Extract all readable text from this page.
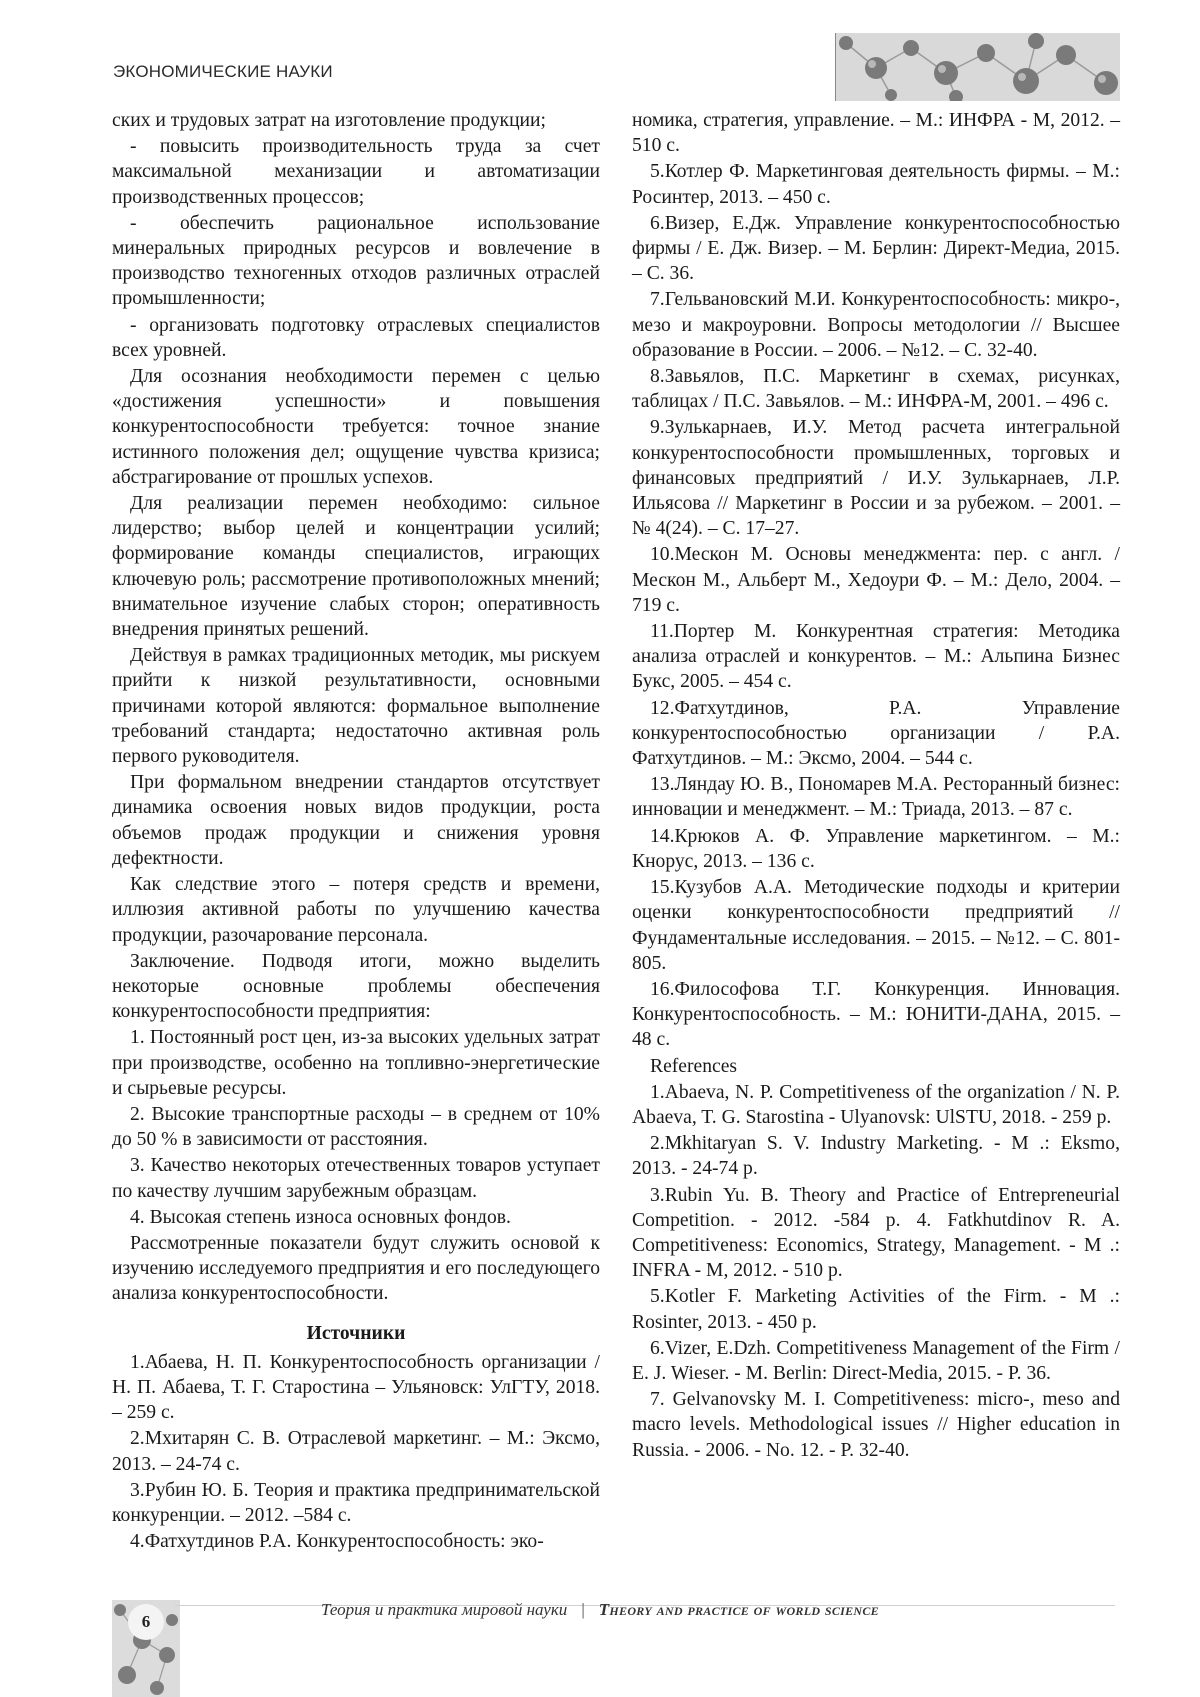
ЭКОНОМИЧЕСКИЕ НАУКИ

ских и трудовых затрат на изготовление продукции;

- повысить производительность труда за счет максимальной механизации и автоматизации производственных процессов;

- обеспечить рациональное использование минеральных природных ресурсов и вовлечение в производство техногенных отходов различных отраслей промышленности;

- организовать подготовку отраслевых специалистов всех уровней.

Для осознания необходимости перемен с целью «достижения успешности» и повышения конкурентоспособности требуется: точное знание истинного положения дел; ощущение чувства кризиса; абстрагирование от прошлых успехов.

Для реализации перемен необходимо: сильное лидерство; выбор целей и концентрации усилий; формирование команды специалистов, играющих ключевую роль; рассмотрение противоположных мнений; внимательное изучение слабых сторон; оперативность внедрения принятых решений.

Действуя в рамках традиционных методик, мы рискуем прийти к низкой результативности, основными причинами которой являются: формальное выполнение требований стандарта; недостаточно активная роль первого руководителя.

При формальном внедрении стандартов отсутствует динамика освоения новых видов продукции, роста объемов продаж продукции и снижения уровня дефектности.

Как следствие этого – потеря средств и времени, иллюзия активной работы по улучшению качества продукции, разочарование персонала.

Заключение. Подводя итоги, можно выделить некоторые основные проблемы обеспечения конкурентоспособности предприятия:

1. Постоянный рост цен, из-за высоких удельных затрат при производстве, особенно на топливно-энергетические и сырьевые ресурсы.

2. Высокие транспортные расходы – в среднем от 10% до 50 % в зависимости от расстояния.

3. Качество некоторых отечественных товаров уступает по качеству лучшим зарубежным образцам.

4. Высокая степень износа основных фондов.

Рассмотренные показатели будут служить основой к изучению исследуемого предприятия и его последующего анализа конкурентоспособности.

Источники

1.Абаева, Н. П. Конкурентоспособность организации / Н. П. Абаева, Т. Г. Старостина – Ульяновск: УлГТУ, 2018. – 259 с.

2.Мхитарян С. В. Отраслевой маркетинг. – М.: Эксмо, 2013. – 24-74 с.

3.Рубин Ю. Б. Теория и практика предпринимательской конкуренции. – 2012. –584 с.

4.Фатхутдинов Р.А. Конкурентоспособность: эко-

номика, стратегия, управление. – М.: ИНФРА - М, 2012. – 510 с.

5.Котлер Ф. Маркетинговая деятельность фирмы. – М.: Росинтер, 2013. – 450 с.

6.Визер, Е.Дж. Управление конкурентоспособностью фирмы / Е. Дж. Визер. – М. Берлин: Директ-Медиа, 2015. – С. 36.

7.Гельвановский М.И. Конкурентоспособность: микро-, мезо и макроуровни. Вопросы методологии // Высшее образование в России. – 2006. – №12. – С. 32-40.

8.Завьялов, П.С. Маркетинг в схемах, рисунках, таблицах / П.С. Завьялов. – М.: ИНФРА-М, 2001. – 496 с.

9.Зулькарнаев, И.У. Метод расчета интегральной конкурентоспособности промышленных, торговых и финансовых предприятий / И.У. Зулькарнаев, Л.Р. Ильясова // Маркетинг в России и за рубежом. – 2001. – № 4(24). – С. 17–27.

10.Мескон М. Основы менеджмента: пер. с англ. / Мескон М., Альберт М., Хедоури Ф. – М.: Дело, 2004. – 719 с.

11.Портер М. Конкурентная стратегия: Методика анализа отраслей и конкурентов. – М.: Альпина Бизнес Букс, 2005. – 454 с.

12.Фатхутдинов, Р.А. Управление конкурентоспособностью организации / Р.А. Фатхутдинов. – М.: Эксмо, 2004. – 544 с.

13.Ляндау Ю. В., Пономарев М.А. Ресторанный бизнес: инновации и менеджмент. – М.: Триада, 2013. – 87 с.

14.Крюков А. Ф. Управление маркетингом. – М.: Кнорус, 2013. – 136 с.

15.Кузубов А.А. Методические подходы и критерии оценки конкурентоспособности предприятий // Фундаментальные исследования. – 2015. – №12. – С. 801-805.

16.Философова Т.Г. Конкуренция. Инновация. Конкурентоспособность. – М.: ЮНИТИ-ДАНА, 2015. – 48 с.

References

1.Abaeva, N. P. Competitiveness of the organization / N. P. Abaeva, T. G. Starostina - Ulyanovsk: UlSTU, 2018. - 259 p.

2.Mkhitaryan S. V. Industry Marketing. - M .: Eksmo, 2013. - 24-74 p.

3.Rubin Yu. B. Theory and Practice of Entrepreneurial Competition. - 2012. -584 p. 4. Fatkhutdinov R. A. Competitiveness: Economics, Strategy, Management. - M .: INFRA - M, 2012. - 510 p.

5.Kotler F. Marketing Activities of the Firm. - M .: Rosinter, 2013. - 450 p.

6.Vizer, E.Dzh. Competitiveness Management of the Firm / E. J. Wieser. - M. Berlin: Direct-Media, 2015. - P. 36.

7. Gelvanovsky M. I. Competitiveness: micro-, meso and macro levels. Methodological issues // Higher education in Russia. - 2006. - No. 12. - P. 32-40.

6
Теория и практика мировой науки | Theory and practice of world science
